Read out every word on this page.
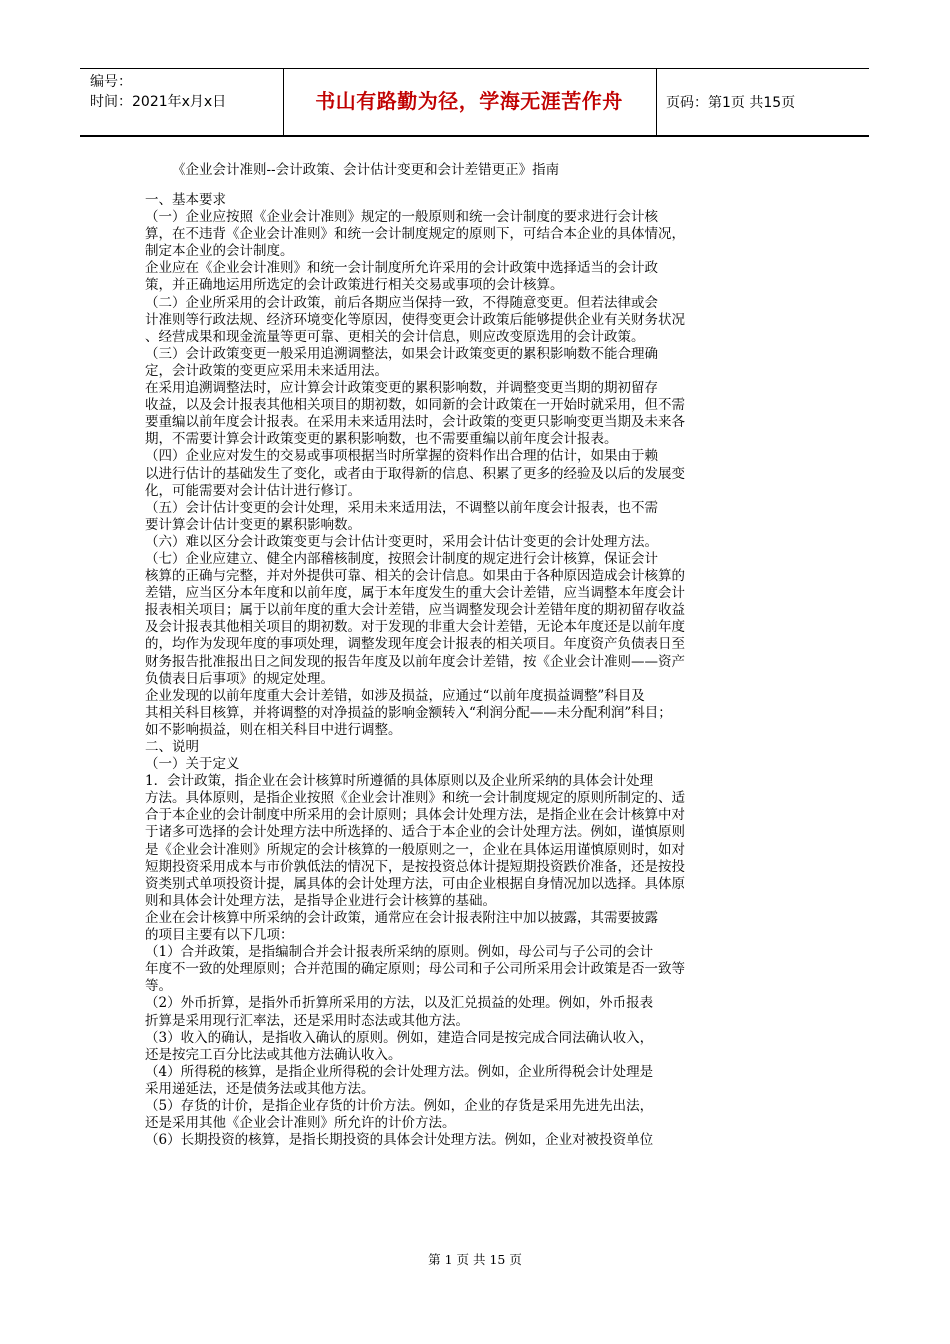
编号：
时间：2021年x月x日	书山有路勤为径，学海无涯苦作舟	页码：第1页 共15页
《企业会计准则--会计政策、会计估计变更和会计差错更正》指南

一、基本要求

（一）企业应按照《企业会计准则》规定的一般原则和统一会计制度的要求进行会计核

算，在不违背《企业会计准则》和统一会计制度规定的原则下，可结合本企业的具体情况，

制定本企业的会计制度。

企业应在《企业会计准则》和统一会计制度所允许采用的会计政策中选择适当的会计政

策，并正确地运用所选定的会计政策进行相关交易或事项的会计核算。

（二）企业所采用的会计政策，前后各期应当保持一致，不得随意变更。但若法律或会

计准则等行政法规、经济环境变化等原因，使得变更会计政策后能够提供企业有关财务状况

、经营成果和现金流量等更可靠、更相关的会计信息，则应改变原选用的会计政策。

（三）会计政策变更一般采用追溯调整法，如果会计政策变更的累积影响数不能合理确

定，会计政策的变更应采用未来适用法。

在采用追溯调整法时，应计算会计政策变更的累积影响数，并调整变更当期的期初留存

收益，以及会计报表其他相关项目的期初数，如同新的会计政策在一开始时就采用，但不需

要重编以前年度会计报表。在采用未来适用法时，会计政策的变更只影响变更当期及未来各

期，不需要计算会计政策变更的累积影响数，也不需要重编以前年度会计报表。

（四）企业应对发生的交易或事项根据当时所掌握的资料作出合理的估计，如果由于赖

以进行估计的基础发生了变化，或者由于取得新的信息、积累了更多的经验及以后的发展变

化，可能需要对会计估计进行修订。

（五）会计估计变更的会计处理，采用未来适用法，不调整以前年度会计报表，也不需

要计算会计估计变更的累积影响数。

（六）难以区分会计政策变更与会计估计变更时，采用会计估计变更的会计处理方法。

（七）企业应建立、健全内部稽核制度，按照会计制度的规定进行会计核算，保证会计

核算的正确与完整，并对外提供可靠、相关的会计信息。如果由于各种原因造成会计核算的

差错，应当区分本年度和以前年度，属于本年度发生的重大会计差错，应当调整本年度会计

报表相关项目；属于以前年度的重大会计差错，应当调整发现会计差错年度的期初留存收益

及会计报表其他相关项目的期初数。对于发现的非重大会计差错，无论本年度还是以前年度

的，均作为发现年度的事项处理，调整发现年度会计报表的相关项目。年度资产负债表日至

财务报告批准报出日之间发现的报告年度及以前年度会计差错，按《企业会计准则——资产

负债表日后事项》的规定处理。

企业发现的以前年度重大会计差错，如涉及损益，应通过“以前年度损益调整”科目及

其相关科目核算，并将调整的对净损益的影响金额转入“利润分配——未分配利润”科目；

如不影响损益，则在相关科目中进行调整。

二、说明

（一）关于定义

1．会计政策，指企业在会计核算时所遵循的具体原则以及企业所采纳的具体会计处理

方法。具体原则，是指企业按照《企业会计准则》和统一会计制度规定的原则所制定的、适

合于本企业的会计制度中所采用的会计原则；具体会计处理方法，是指企业在会计核算中对

于诸多可选择的会计处理方法中所选择的、适合于本企业的会计处理方法。例如，谨慎原则

是《企业会计准则》所规定的会计核算的一般原则之一，企业在具体运用谨慎原则时，如对

短期投资采用成本与市价孰低法的情况下，是按投资总体计提短期投资跌价准备，还是按投

资类别式单项投资计提，属具体的会计处理方法，可由企业根据自身情况加以选择。具体原

则和具体会计处理方法，是指导企业进行会计核算的基础。

企业在会计核算中所采纳的会计政策，通常应在会计报表附注中加以披露，其需要披露

的项目主要有以下几项：

（1）合并政策，是指编制合并会计报表所采纳的原则。例如，母公司与子公司的会计

年度不一致的处理原则；合并范围的确定原则；母公司和子公司所采用会计政策是否一致等

等。

（2）外币折算，是指外币折算所采用的方法，以及汇兑损益的处理。例如，外币报表

折算是采用现行汇率法，还是采用时态法或其他方法。

（3）收入的确认，是指收入确认的原则。例如，建造合同是按完成合同法确认收入，

还是按完工百分比法或其他方法确认收入。

（4）所得税的核算，是指企业所得税的会计处理方法。例如，企业所得税会计处理是

采用递延法，还是债务法或其他方法。

（5）存货的计价，是指企业存货的计价方法。例如，企业的存货是采用先进先出法，

还是采用其他《企业会计准则》所允许的计价方法。

（6）长期投资的核算，是指长期投资的具体会计处理方法。例如，企业对被投资单位

第 1 页 共 15 页
